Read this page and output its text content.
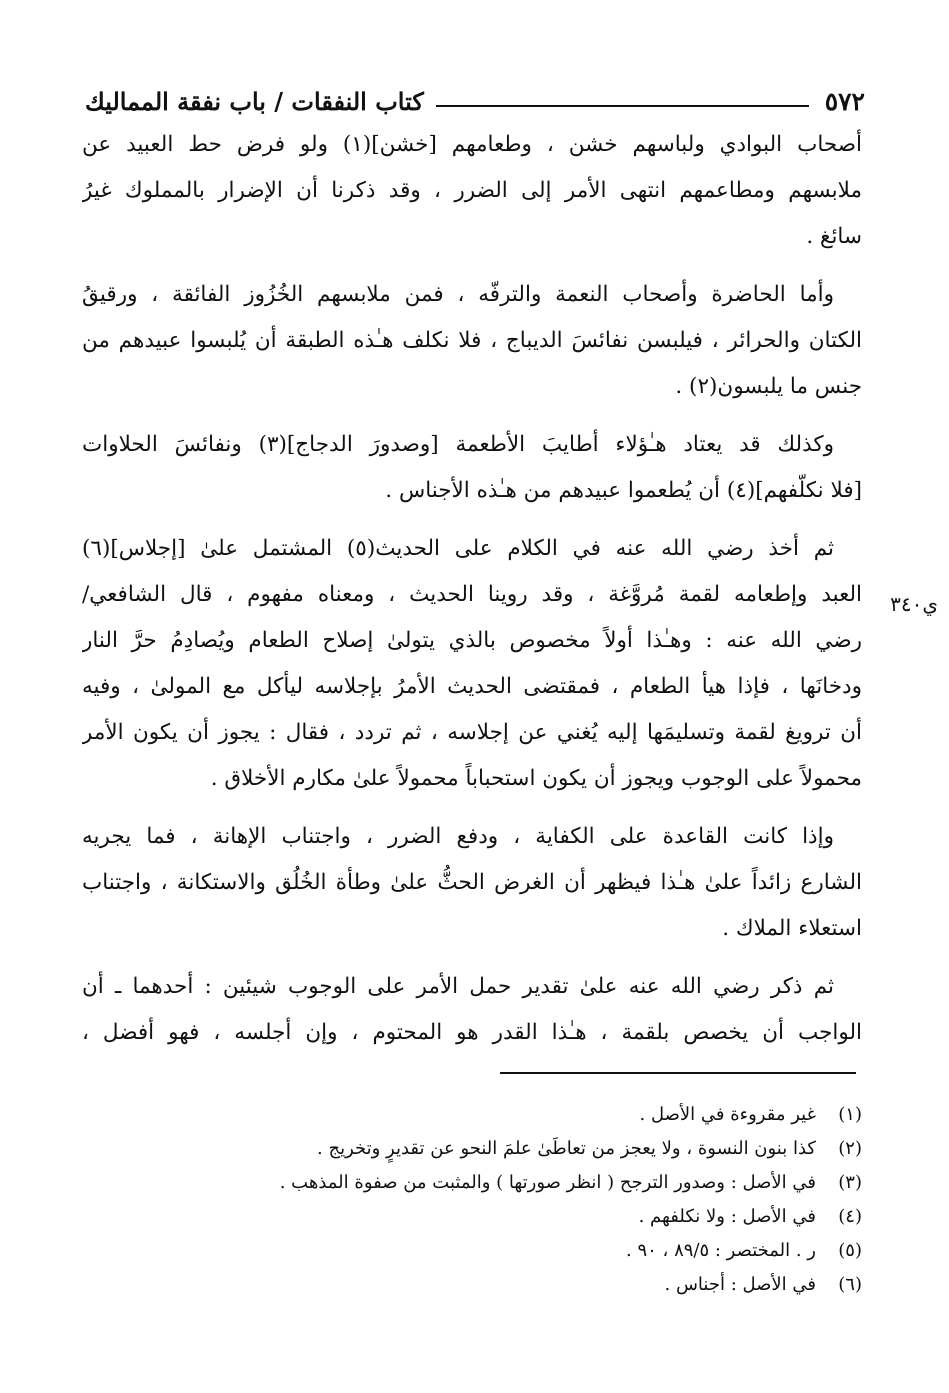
٥٧٢
كتاب النفقات / باب نفقة المماليك
ي٣٤٠

أصحاب البوادي ولباسهم خشن ، وطعامهم [خشن](١) ولو فرض حط العبيد عن
ملابسهم ومطاعمهم انتهى الأمر إلى الضرر ، وقد ذكرنا أن الإضرار بالمملوك غيرُ
سائغ .

وأما الحاضرة وأصحاب النعمة والترفّه ، فمن ملابسهم الخُزُوز الفائقة ، ورقيقُ
الكتان والحرائر ، فيلبسن نفائسَ الديباج ، فلا نكلف هـٰذه الطبقة أن يُلبسوا عبيدهم من
جنس ما يلبسون(٢) .

وكذلك قد يعتاد هـٰؤلاء أطايبَ الأطعمة [وصدورَ الدجاج](٣) ونفائسَ الحلاوات
[فلا نكلّفهم](٤) أن يُطعموا عبيدهم من هـٰذه الأجناس .

ثم أخذ رضي الله عنه في الكلام على الحديث(٥) المشتمل علىٰ [إجلاس](٦)
العبد وإطعامه لقمة مُروَّغة ، وقد روينا الحديث ، ومعناه مفهوم ، قال الشافعي/
رضي الله عنه : وهـٰذا أولاً مخصوص بالذي يتولىٰ إصلاح الطعام ويُصادِمُ حرَّ النار
ودخانَها ، فإذا هيأ الطعام ، فمقتضى الحديث الأمرُ بإجلاسه ليأكل مع المولىٰ ، وفيه
أن ترويغ لقمة وتسليمَها إليه يُغني عن إجلاسه ، ثم تردد ، فقال : يجوز أن يكون الأمر
محمولاً على الوجوب ويجوز أن يكون استحباباً محمولاً علىٰ مكارم الأخلاق .

وإذا كانت القاعدة على الكفاية ، ودفع الضرر ، واجتناب الإهانة ، فما يجريه
الشارع زائداً علىٰ هـٰذا فيظهر أن الغرض الحثُّ علىٰ وطأة الخُلُق والاستكانة ، واجتناب
استعلاء الملاك .

ثم ذكر رضي الله عنه علىٰ تقدير حمل الأمر على الوجوب شيئين : أحدهما ـ أن
الواجب أن يخصص بلقمة ، هـٰذا القدر هو المحتوم ، وإن أجلسه ، فهو أفضل ،

(١)
غير مقروءة في الأصل .
(٢)
كذا بنون النسوة ، ولا يعجز من تعاطَىٰ علمَ النحو عن تقديرٍ وتخريج .
(٣)
في الأصل : وصدور الترجح ( انظر صورتها ) والمثبت من صفوة المذهب .
(٤)
في الأصل : ولا نكلفهم .
(٥)
ر . المختصر : ٨٩/٥ ، ٩٠ .
(٦)
في الأصل : أجناس .
